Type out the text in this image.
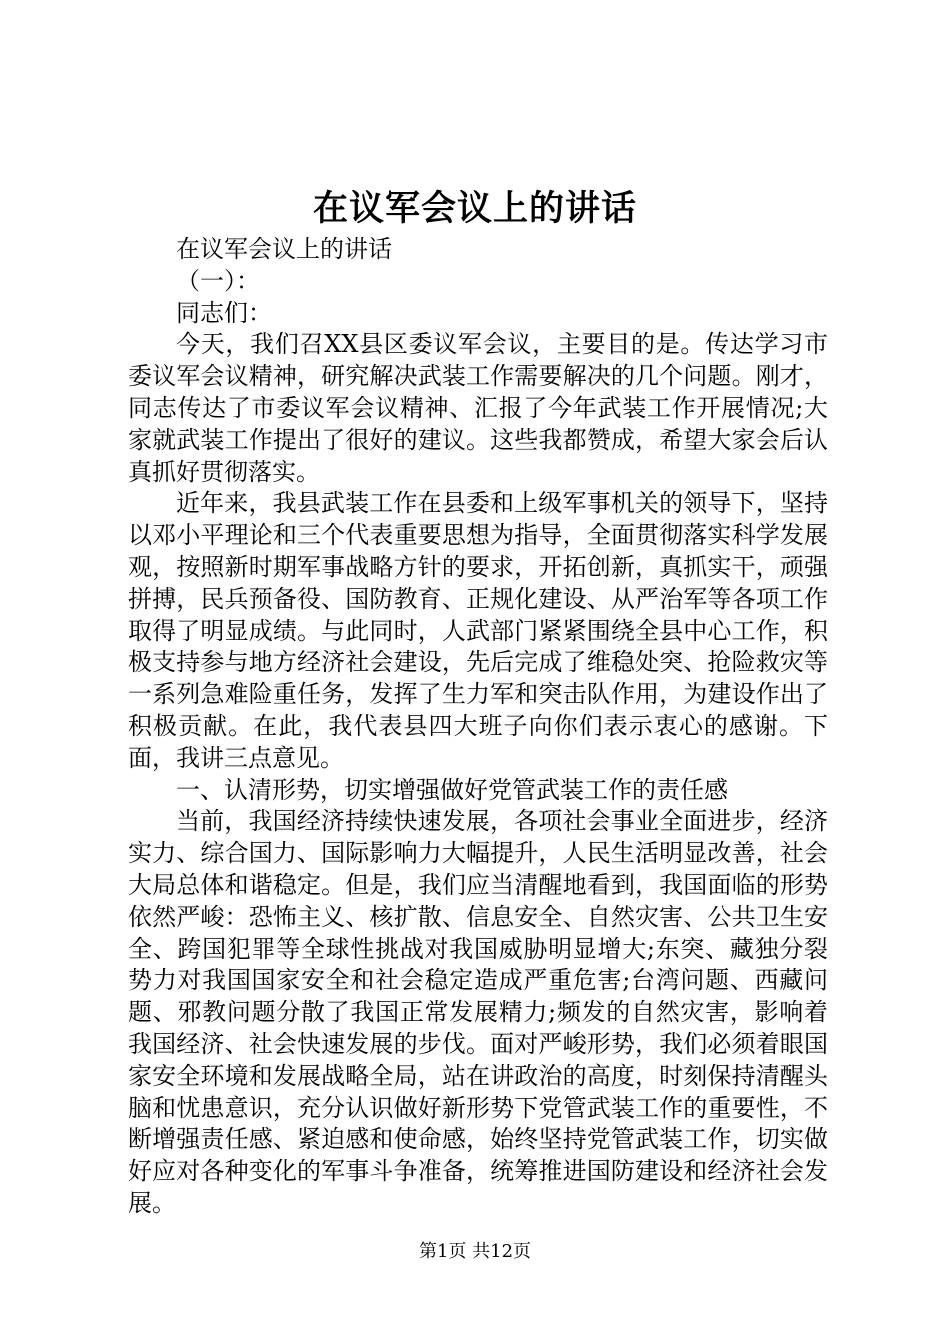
在议军会议上的讲话

在议军会议上的讲话

（一）：

同志们：

今天，我们召XX县区委议军会议，主要目的是。传达学习市委议军会议精神，研究解决武装工作需要解决的几个问题。刚才，同志传达了市委议军会议精神、汇报了今年武装工作开展情况;大家就武装工作提出了很好的建议。这些我都赞成，希望大家会后认真抓好贯彻落实。

近年来，我县武装工作在县委和上级军事机关的领导下，坚持以邓小平理论和三个代表重要思想为指导，全面贯彻落实科学发展观，按照新时期军事战略方针的要求，开拓创新，真抓实干，顽强拼搏，民兵预备役、国防教育、正规化建设、从严治军等各项工作取得了明显成绩。与此同时，人武部门紧紧围绕全县中心工作，积极支持参与地方经济社会建设，先后完成了维稳处突、抢险救灾等一系列急难险重任务，发挥了生力军和突击队作用，为建设作出了积极贡献。在此，我代表县四大班子向你们表示衷心的感谢。下面，我讲三点意见。

一、认清形势，切实增强做好党管武装工作的责任感

当前，我国经济持续快速发展，各项社会事业全面进步，经济实力、综合国力、国际影响力大幅提升，人民生活明显改善，社会大局总体和谐稳定。但是，我们应当清醒地看到，我国面临的形势依然严峻：恐怖主义、核扩散、信息安全、自然灾害、公共卫生安全、跨国犯罪等全球性挑战对我国威胁明显增大;东突、藏独分裂势力对我国国家安全和社会稳定造成严重危害;台湾问题、西藏问题、邪教问题分散了我国正常发展精力;频发的自然灾害，影响着我国经济、社会快速发展的步伐。面对严峻形势，我们必须着眼国家安全环境和发展战略全局，站在讲政治的高度，时刻保持清醒头脑和忧患意识，充分认识做好新形势下党管武装工作的重要性，不断增强责任感、紧迫感和使命感，始终坚持党管武装工作，切实做好应对各种变化的军事斗争准备，统筹推进国防建设和经济社会发展。

第1页 共12页
